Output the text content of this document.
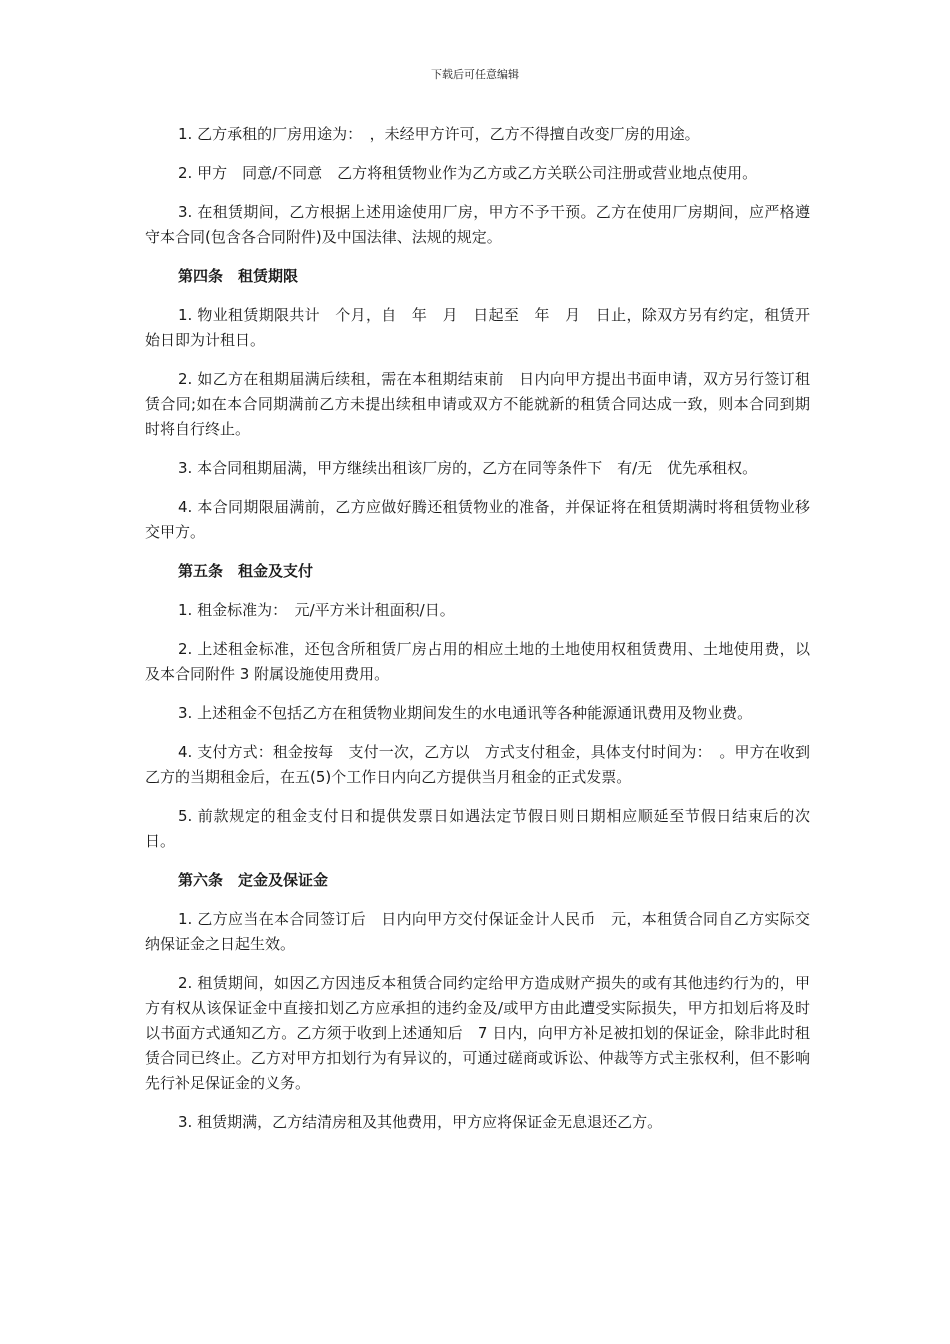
下载后可任意编辑

1. 乙方承租的厂房用途为：　，未经甲方许可，乙方不得擅自改变厂房的用途。

2. 甲方　同意/不同意　乙方将租赁物业作为乙方或乙方关联公司注册或营业地点使用。

3. 在租赁期间，乙方根据上述用途使用厂房，甲方不予干预。乙方在使用厂房期间，应严格遵守本合同(包含各合同附件)及中国法律、法规的规定。

第四条　租赁期限

1. 物业租赁期限共计　个月，自　年　月　日起至　年　月　日止，除双方另有约定，租赁开始日即为计租日。

2. 如乙方在租期届满后续租，需在本租期结束前　日内向甲方提出书面申请，双方另行签订租赁合同;如在本合同期满前乙方未提出续租申请或双方不能就新的租赁合同达成一致，则本合同到期时将自行终止。

3. 本合同租期届满，甲方继续出租该厂房的，乙方在同等条件下　有/无　优先承租权。

4. 本合同期限届满前，乙方应做好腾还租赁物业的准备，并保证将在租赁期满时将租赁物业移交甲方。

第五条　租金及支付

1. 租金标准为：　元/平方米计租面积/日。

2. 上述租金标准，还包含所租赁厂房占用的相应土地的土地使用权租赁费用、土地使用费，以及本合同附件 3 附属设施使用费用。

3. 上述租金不包括乙方在租赁物业期间发生的水电通讯等各种能源通讯费用及物业费。

4. 支付方式：租金按每　支付一次，乙方以　方式支付租金，具体支付时间为：　。甲方在收到乙方的当期租金后，在五(5)个工作日内向乙方提供当月租金的正式发票。

5. 前款规定的租金支付日和提供发票日如遇法定节假日则日期相应顺延至节假日结束后的次日。

第六条　定金及保证金

1. 乙方应当在本合同签订后　日内向甲方交付保证金计人民币　元，本租赁合同自乙方实际交纳保证金之日起生效。

2. 租赁期间，如因乙方因违反本租赁合同约定给甲方造成财产损失的或有其他违约行为的，甲方有权从该保证金中直接扣划乙方应承担的违约金及/或甲方由此遭受实际损失，甲方扣划后将及时以书面方式通知乙方。乙方须于收到上述通知后　7 日内，向甲方补足被扣划的保证金，除非此时租赁合同已终止。乙方对甲方扣划行为有异议的，可通过磋商或诉讼、仲裁等方式主张权利，但不影响先行补足保证金的义务。

3. 租赁期满，乙方结清房租及其他费用，甲方应将保证金无息退还乙方。
